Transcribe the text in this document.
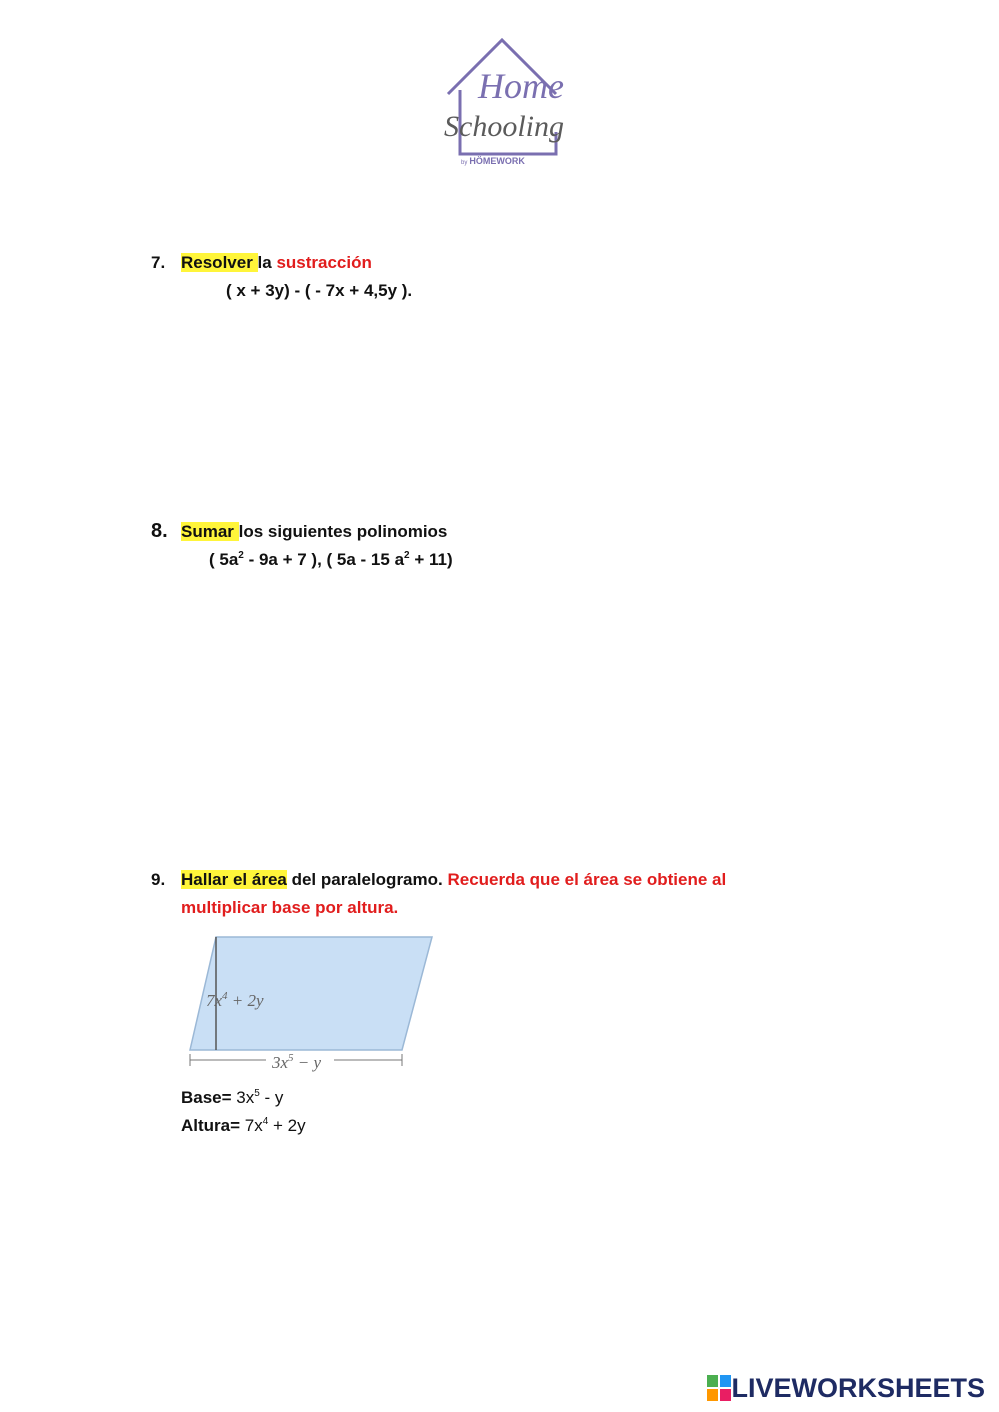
Home
Schooling
by HÖMEWORK
7. Resolver la sustracción
( x + 3y) - ( - 7x + 4,5y ).
8. Sumar los siguientes polinomios
( $5a^2 - 9a + 7$ ), ( 5a - 15 $a^2 + 11$)
9. Hallar el área del paralelogramo. Recuerda que el área se obtiene al
multiplicar base por altura.
$7x^4 + 2y$
$3x^5 - y$
Base= $3x^5$ - y
Altura= $7x^4 + 2y$
LIVEWORKSHEETS
